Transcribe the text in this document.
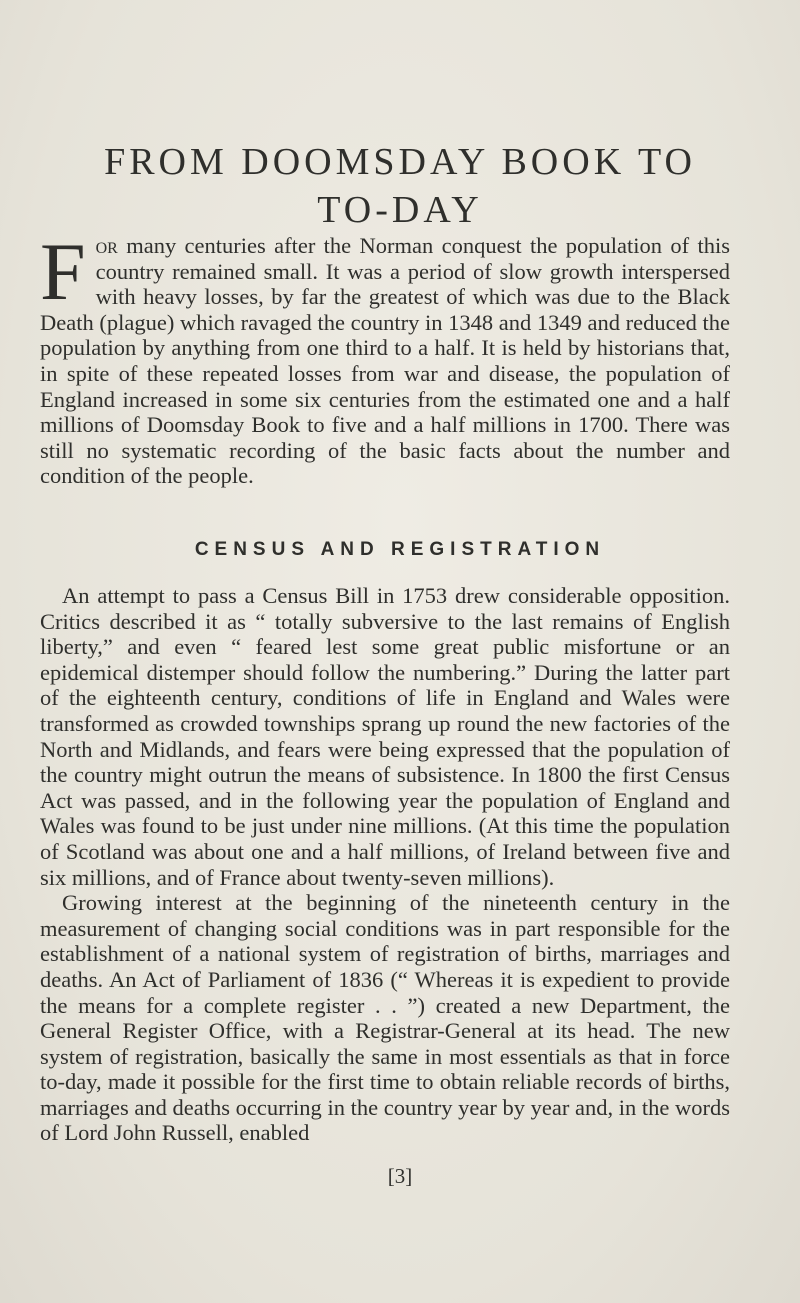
FROM DOOMSDAY BOOK TO
TO-DAY

For many centuries after the Norman conquest the population of this country remained small. It was a period of slow growth interspersed with heavy losses, by far the greatest of which was due to the Black Death (plague) which ravaged the country in 1348 and 1349 and reduced the population by anything from one third to a half. It is held by historians that, in spite of these repeated losses from war and disease, the population of England increased in some six centuries from the estimated one and a half millions of Doomsday Book to five and a half millions in 1700. There was still no systematic recording of the basic facts about the number and condition of the people.

CENSUS AND REGISTRATION

An attempt to pass a Census Bill in 1753 drew considerable opposition. Critics described it as “ totally subversive to the last remains of English liberty,” and even “ feared lest some great public misfortune or an epidemical distemper should follow the numbering.” During the latter part of the eighteenth century, conditions of life in England and Wales were transformed as crowded townships sprang up round the new factories of the North and Midlands, and fears were being expressed that the population of the country might outrun the means of subsistence. In 1800 the first Census Act was passed, and in the following year the population of England and Wales was found to be just under nine millions. (At this time the population of Scotland was about one and a half millions, of Ireland between five and six millions, and of France about twenty-seven millions).

Growing interest at the beginning of the nineteenth century in the measurement of changing social conditions was in part responsible for the establishment of a national system of registration of births, marriages and deaths. An Act of Parliament of 1836 (“ Whereas it is expedient to provide the means for a complete register . . ”) created a new Department, the General Register Office, with a Registrar-General at its head. The new system of registration, basically the same in most essentials as that in force to-day, made it possible for the first time to obtain reliable records of births, marriages and deaths occurring in the country year by year and, in the words of Lord John Russell, enabled

[3]
